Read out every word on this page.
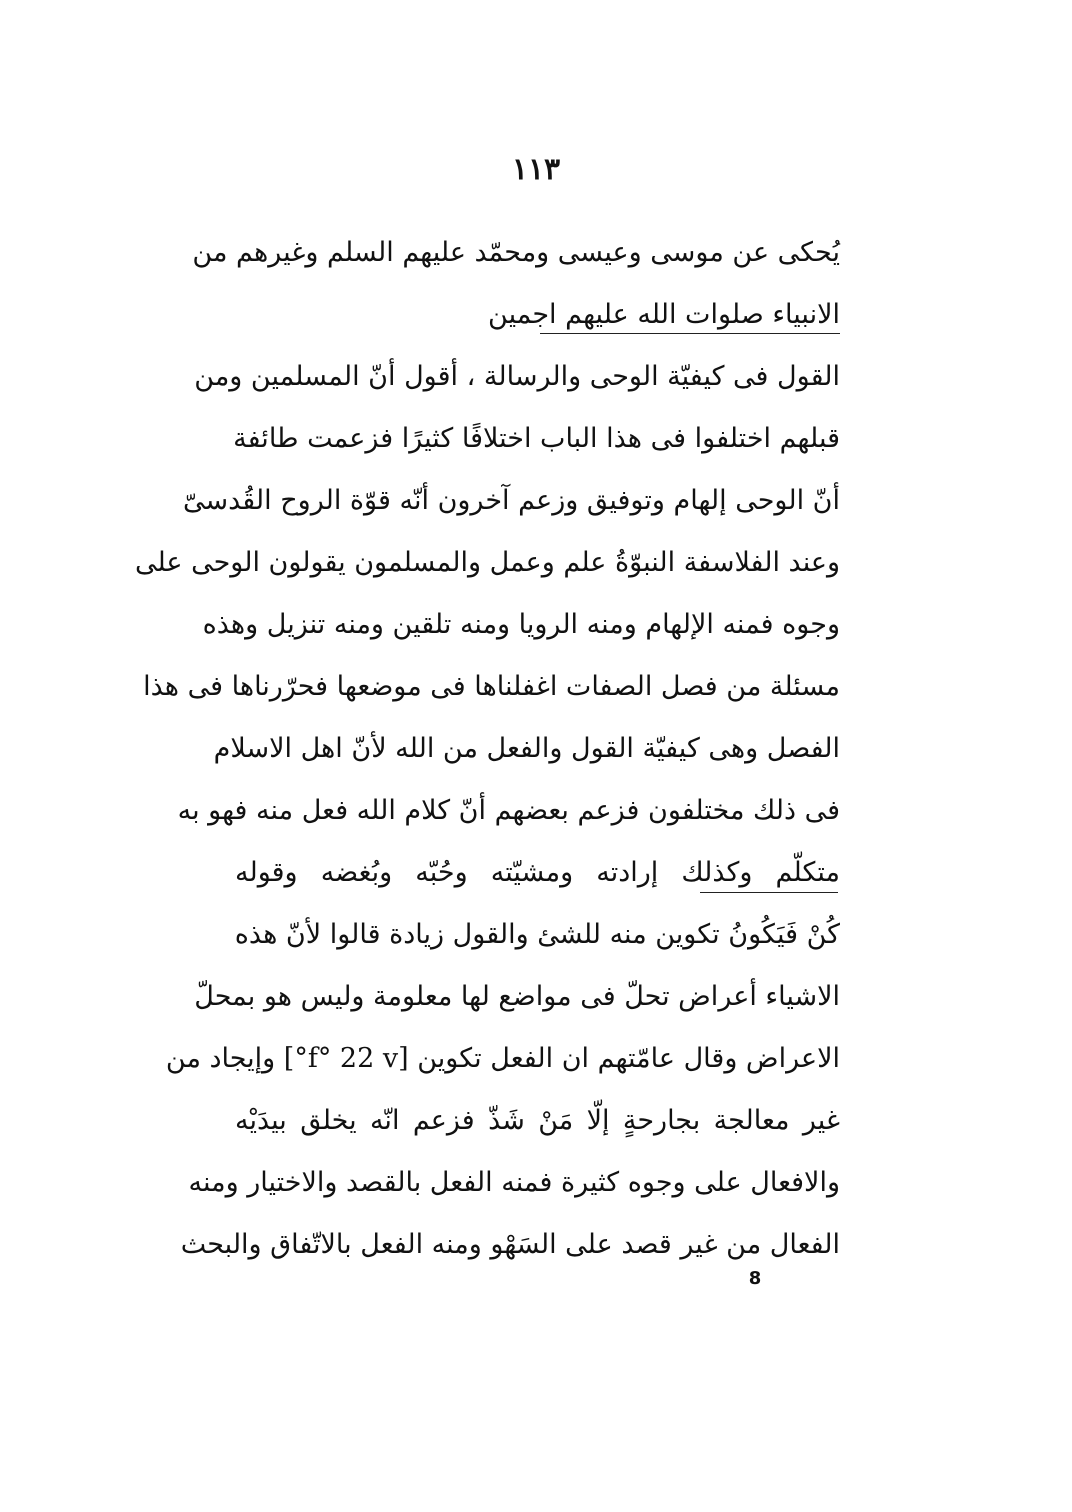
١١٣
يُحكى عن موسى وعيسى ومحمّد عليهم السلم وغيرهم من
الانبياء صلوات الله عليهم اجمين
القول فى كيفيّة الوحى والرسالة ، أقول أنّ المسلمين ومن
قبلهم اختلفوا فى هذا الباب اختلافًا كثيرًا فزعمت طائفة
أنّ الوحى إلهام وتوفيق وزعم آخرون أنّه قوّة الروح القُدسىّ
وعند الفلاسفة النبوّةُ علم وعمل والمسلمون يقولون الوحى على
وجوه فمنه الإلهام ومنه الرويا ومنه تلقين ومنه تنزيل وهذه
مسئلة من فصل الصفات اغفلناها فى موضعها فحرّرناها فى هذا
الفصل وهى كيفيّة القول والفعل من الله لأنّ اهل الاسلام
فى ذلك مختلفون فزعم بعضهم أنّ كلام الله فعل منه فهو به
متكلّم وكذلك إرادته ومشيّته وحُبّه وبُغضه وقوله
كُنْ فَيَكُونُ تكوين منه للشئ والقول زيادة قالوا لأنّ هذه
الاشياء أعراض تحلّ فى مواضع لها معلومة وليس هو بمحلّ
الاعراض وقال عامّتهم ان الفعل تكوين [f° 22 v°] وإيجاد من
غير معالجة بجارحةٍ إلّا مَنْ شَذّ فزعم انّه يخلق بيدَيْه
والافعال على وجوه كثيرة فمنه الفعل بالقصد والاختيار ومنه
الفعال من غير قصد على السَهْو ومنه الفعل بالاتّفاق والبحث
8
